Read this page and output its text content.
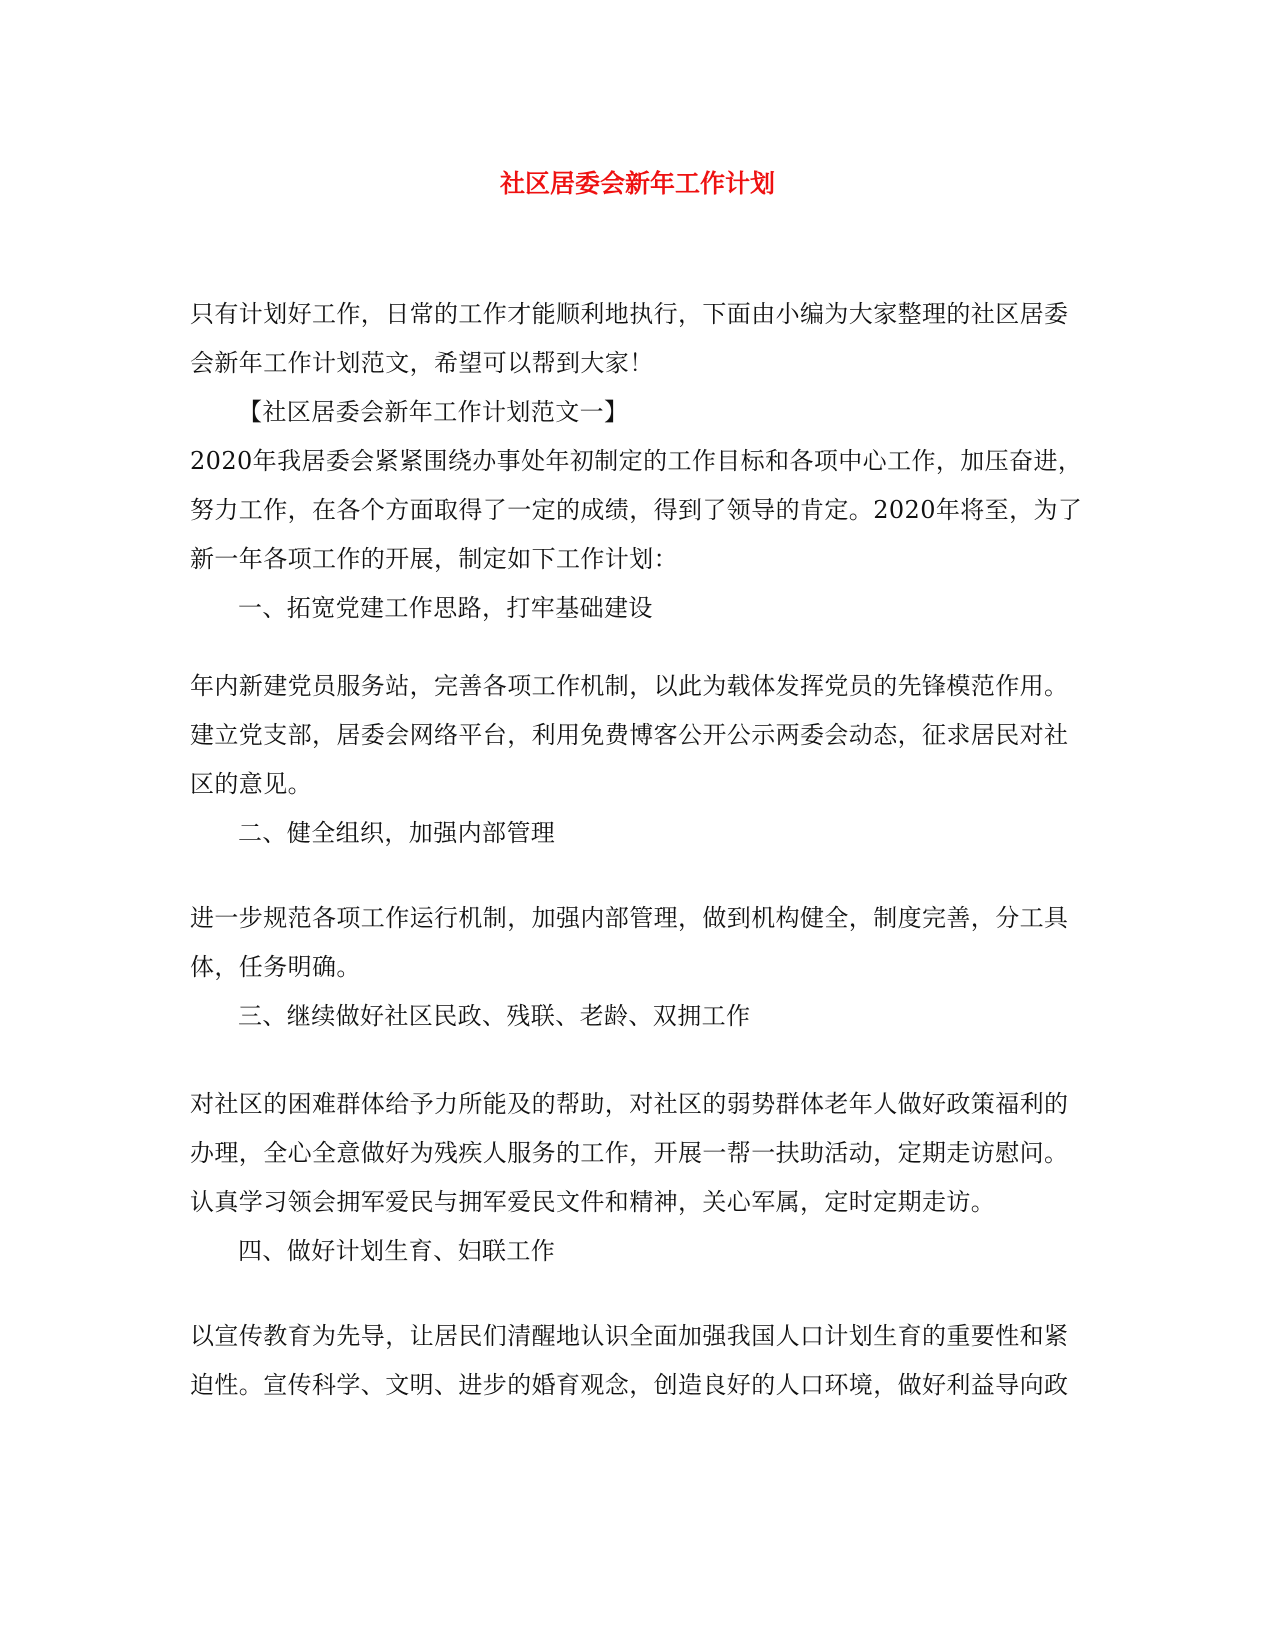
社区居委会新年工作计划

只有计划好工作，日常的工作才能顺利地执行，下面由小编为大家整理的社区居委

会新年工作计划范文，希望可以帮到大家！

【社区居委会新年工作计划范文一】

2020年我居委会紧紧围绕办事处年初制定的工作目标和各项中心工作，加压奋进，

努力工作，在各个方面取得了一定的成绩，得到了领导的肯定。2020年将至，为了

新一年各项工作的开展，制定如下工作计划：

一、拓宽党建工作思路，打牢基础建设

年内新建党员服务站，完善各项工作机制，以此为载体发挥党员的先锋模范作用。

建立党支部，居委会网络平台，利用免费博客公开公示两委会动态，征求居民对社

区的意见。

二、健全组织，加强内部管理

进一步规范各项工作运行机制，加强内部管理，做到机构健全，制度完善，分工具

体，任务明确。

三、继续做好社区民政、残联、老龄、双拥工作

对社区的困难群体给予力所能及的帮助，对社区的弱势群体老年人做好政策福利的

办理，全心全意做好为残疾人服务的工作，开展一帮一扶助活动，定期走访慰问。

认真学习领会拥军爱民与拥军爱民文件和精神，关心军属，定时定期走访。

四、做好计划生育、妇联工作

以宣传教育为先导，让居民们清醒地认识全面加强我国人口计划生育的重要性和紧

迫性。宣传科学、文明、进步的婚育观念，创造良好的人口环境，做好利益导向政
